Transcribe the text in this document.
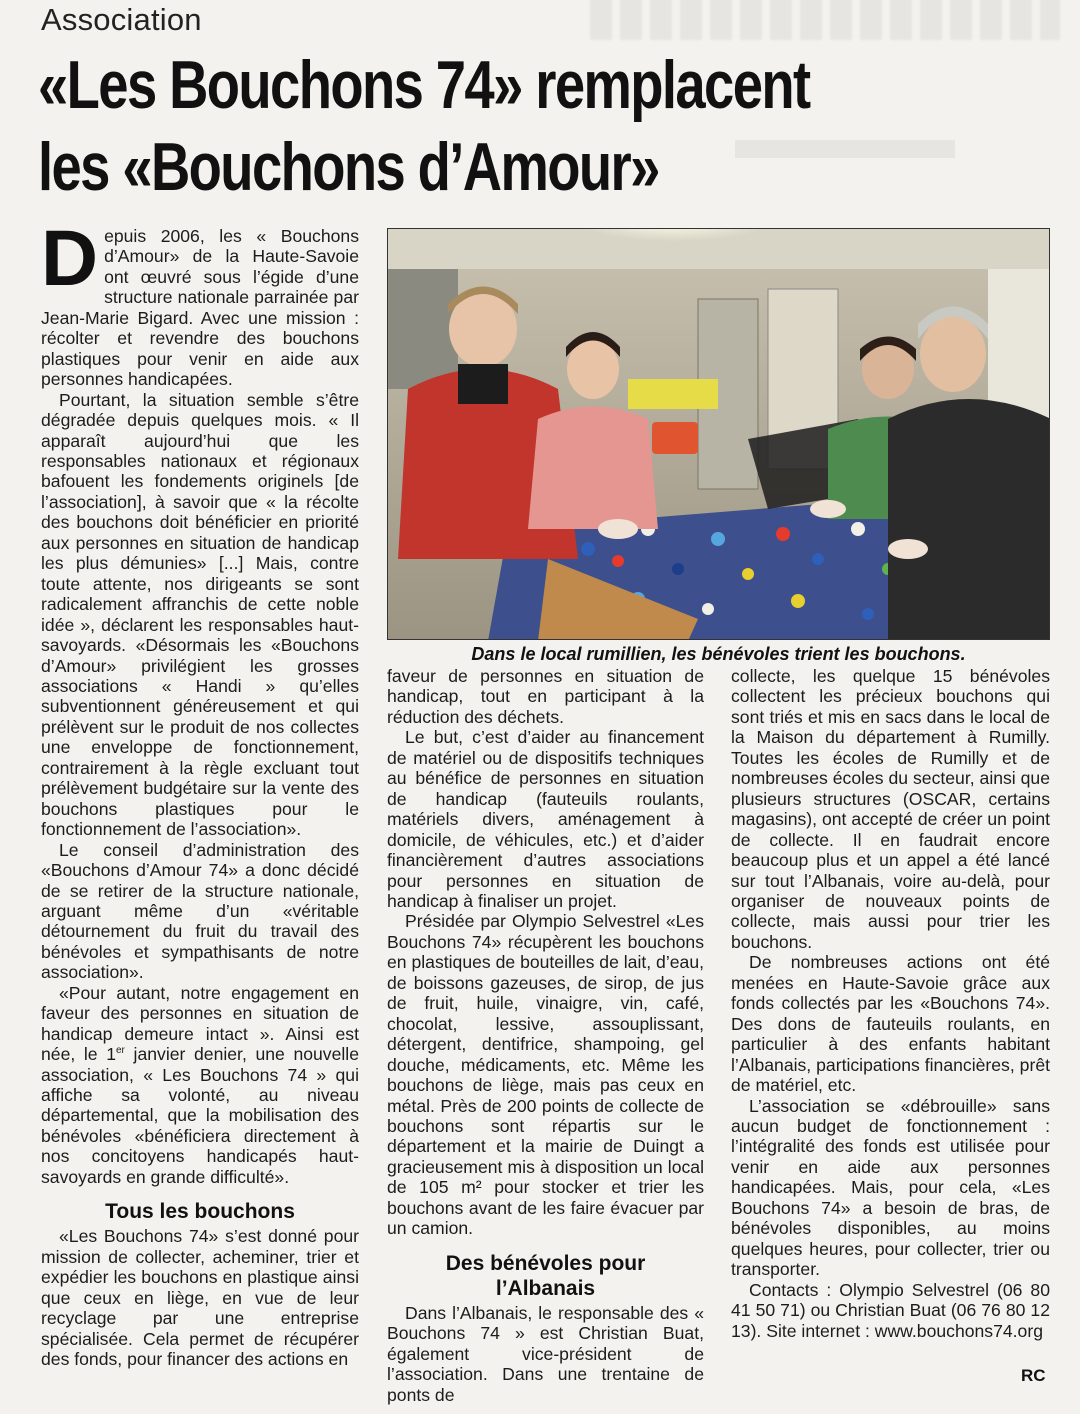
Association
«Les Bouchons 74» remplacent
les «Bouchons d’Amour»

Depuis 2006, les « Bouchons d’Amour» de la Haute-Savoie ont œuvré sous l’égide d’une structure nationale parrainée par Jean-Marie Bigard. Avec une mission : récolter et revendre des bouchons plastiques pour venir en aide aux personnes handicapées.

Pourtant, la situation semble s’être dégradée depuis quelques mois. « Il apparaît aujourd’hui que les responsables nationaux et régionaux bafouent les fondements originels [de l’association], à savoir que « la récolte des bouchons doit bénéficier en priorité aux personnes en situation de handicap les plus démunies» [...] Mais, contre toute attente, nos dirigeants se sont radicalement affranchis de cette noble idée », déclarent les responsables haut-savoyards. «Désormais les «Bouchons d’Amour» privilégient les grosses associations « Handi » qu’elles subventionnent généreusement et qui prélèvent sur le produit de nos collectes une enveloppe de fonctionnement, contrairement à la règle excluant tout prélèvement budgétaire sur la vente des bouchons plastiques pour le fonctionnement de l’association».

Le conseil d’administration des «Bouchons d’Amour 74» a donc décidé de se retirer de la structure nationale, arguant même d’un «véritable détournement du fruit du travail des bénévoles et sympathisants de notre association».

«Pour autant, notre engagement en faveur des personnes en situation de handicap demeure intact ». Ainsi est née, le 1er janvier denier, une nouvelle association, « Les Bouchons 74 » qui affiche sa volonté, au niveau départemental, que la mobilisation des bénévoles «bénéficiera directement à nos concitoyens handicapés haut-savoyards en grande difficulté».

Tous les bouchons

«Les Bouchons 74» s’est donné pour mission de collecter, acheminer, trier et expédier les bouchons en plastique ainsi que ceux en liège, en vue de leur recyclage par une entreprise spécialisée. Cela permet de récupérer des fonds, pour financer des actions en

Dans le local rumillien, les bénévoles trient les bouchons.

faveur de personnes en situation de handicap, tout en participant à la réduction des déchets.

Le but, c’est d’aider au financement de matériel ou de dispositifs techniques au bénéfice de personnes en situation de handicap (fauteuils roulants, matériels divers, aménagement à domicile, de véhicules, etc.) et d’aider financièrement d’autres associations pour personnes en situation de handicap à finaliser un projet.

Présidée par Olympio Selvestrel «Les Bouchons 74» récupèrent les bouchons en plastiques de bouteilles de lait, d’eau, de boissons gazeuses, de sirop, de jus de fruit, huile, vinaigre, vin, café, chocolat, lessive, assouplissant, détergent, dentifrice, shampoing, gel douche, médicaments, etc. Même les bouchons de liège, mais pas ceux en métal. Près de 200 points de collecte de bouchons sont répartis sur le département et la mairie de Duingt a gracieusement mis à disposition un local de 105 m² pour stocker et trier les bouchons avant de les faire évacuer par un camion.

Des bénévoles pour
l’Albanais

Dans l’Albanais, le responsable des « Bouchons 74 » est Christian Buat, également vice-président de l’association. Dans une trentaine de ponts de

collecte, les quelque 15 bénévoles collectent les précieux bouchons qui sont triés et mis en sacs dans le local de la Maison du département à Rumilly. Toutes les écoles de Rumilly et de nombreuses écoles du secteur, ainsi que plusieurs structures (OSCAR, certains magasins), ont accepté de créer un point de collecte. Il en faudrait encore beaucoup plus et un appel a été lancé sur tout l’Albanais, voire au-delà, pour organiser de nouveaux points de collecte, mais aussi pour trier les bouchons.

De nombreuses actions ont été menées en Haute-Savoie grâce aux fonds collectés par les «Bouchons 74». Des dons de fauteuils roulants, en particulier à des enfants habitant l’Albanais, participations financières, prêt de matériel, etc.

L’association se «débrouille» sans aucun budget de fonctionnement : l’intégralité des fonds est utilisée pour venir en aide aux personnes handicapées. Mais, pour cela, «Les Bouchons 74» a besoin de bras, de bénévoles disponibles, au moins quelques heures, pour collecter, trier ou transporter.

Contacts : Olympio Selvestrel (06 80 41 50 71) ou Christian Buat (06 76 80 12 13). Site internet : www.bouchons74.org

RC
